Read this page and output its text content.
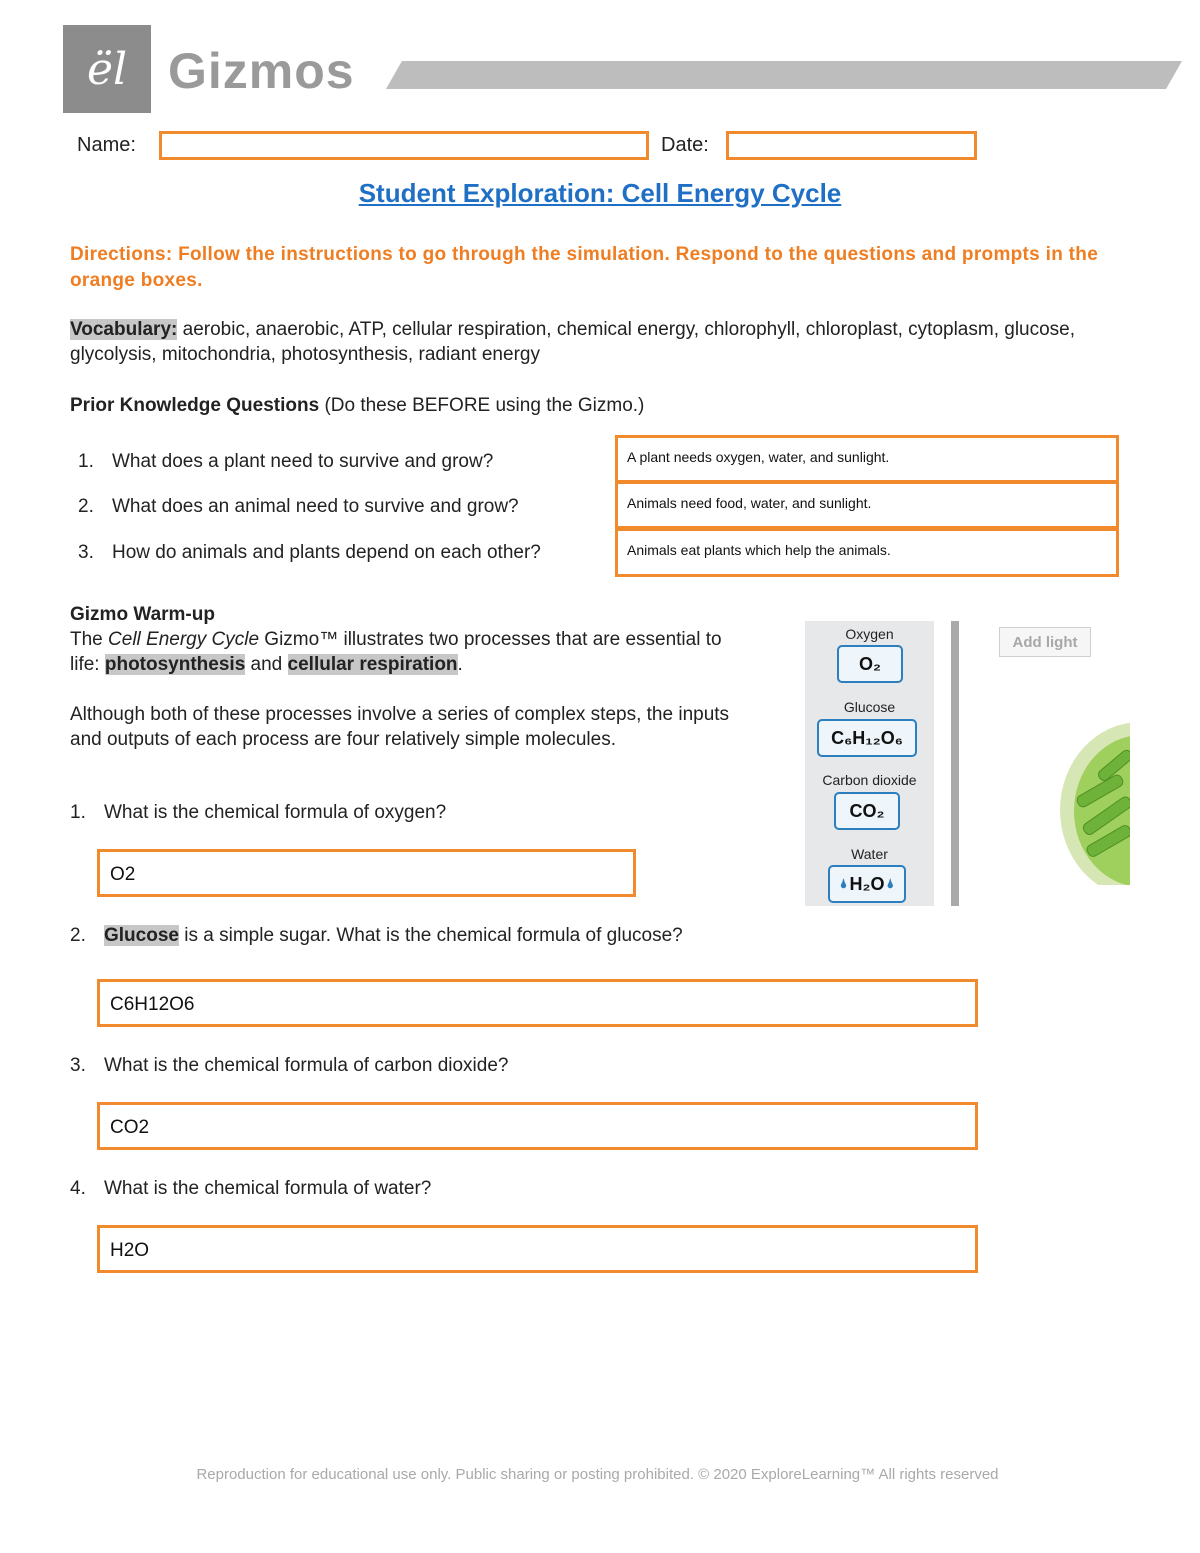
ël Gizmos
Name:	Date:
Student Exploration: Cell Energy Cycle
Directions: Follow the instructions to go through the simulation. Respond to the questions and prompts in the orange boxes.
Vocabulary: aerobic, anaerobic, ATP, cellular respiration, chemical energy, chlorophyll, chloroplast, cytoplasm, glucose, glycolysis, mitochondria, photosynthesis, radiant energy
Prior Knowledge Questions (Do these BEFORE using the Gizmo.)
1. What does a plant need to survive and grow?
2. What does an animal need to survive and grow?
3. How do animals and plants depend on each other?
A plant needs oxygen, water, and sunlight.
Animals need food, water, and sunlight.
Animals eat plants which help the animals.
Gizmo Warm-up
The Cell Energy Cycle Gizmo™ illustrates two processes that are essential to life: photosynthesis and cellular respiration.
Although both of these processes involve a series of complex steps, the inputs and outputs of each process are four relatively simple molecules.
1. What is the chemical formula of oxygen?
O2
2. Glucose is a simple sugar. What is the chemical formula of glucose?
C6H12O6
3. What is the chemical formula of carbon dioxide?
CO2
4. What is the chemical formula of water?
H2O
Oxygen
O₂
Glucose
C₆H₁₂O₆
Carbon dioxide
CO₂
Water
🌢 H₂O 🌢
Add light
Reproduction for educational use only. Public sharing or posting prohibited. © 2020 ExploreLearning™ All rights reserved
